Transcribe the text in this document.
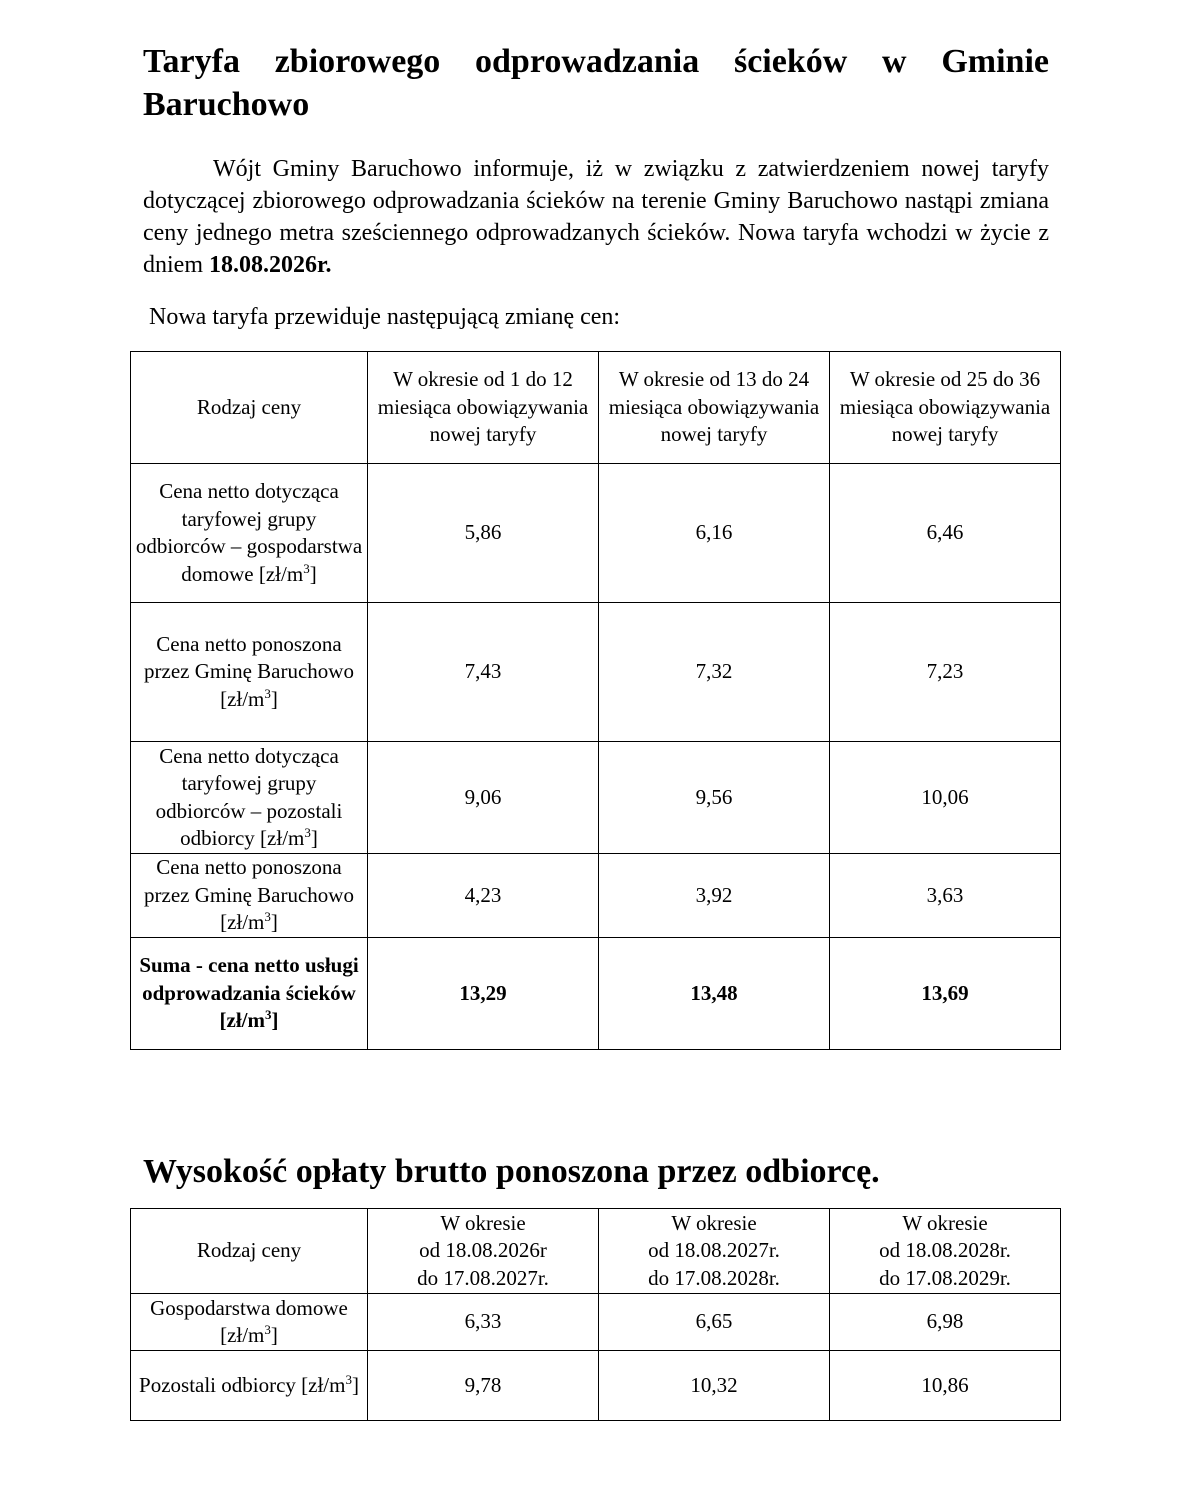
Taryfa zbiorowego odprowadzania ścieków w Gminie Baruchowo

Wójt Gminy Baruchowo informuje, iż w związku z zatwierdzeniem nowej taryfy dotyczącej zbiorowego odprowadzania ścieków na terenie Gminy Baruchowo nastąpi zmiana ceny jednego metra sześciennego odprowadzanych ścieków. Nowa taryfa wchodzi w życie z dniem 18.08.2026r.

Nowa taryfa przewiduje następującą zmianę cen:

Rodzaj ceny	W okresie od 1 do 12 miesiąca obowiązywania nowej taryfy	W okresie od 13 do 24 miesiąca obowiązywania nowej taryfy	W okresie od 25 do 36 miesiąca obowiązywania nowej taryfy
Cena netto dotycząca taryfowej grupy odbiorców – gospodarstwa domowe $[zł/m^3]$	5,86	6,16	6,46
Cena netto ponoszona przez Gminę Baruchowo $[zł/m^3]$	7,43	7,32	7,23
Cena netto dotycząca taryfowej grupy odbiorców – pozostali odbiorcy $[zł/m^3]$	9,06	9,56	10,06
Cena netto ponoszona przez Gminę Baruchowo $[zł/m^3]$	4,23	3,92	3,63
Suma - cena netto usługi odprowadzania ścieków $[zł/m^3]$	13,29	13,48	13,69
Wysokość opłaty brutto ponoszona przez odbiorcę.
Rodzaj ceny	W okresie
od 18.08.2026r
do 17.08.2027r.	W okresie
od 18.08.2027r.
do 17.08.2028r.	W okresie
od 18.08.2028r.
do 17.08.2029r.
Gospodarstwa domowe $[zł/m^3]$	6,33	6,65	6,98
Pozostali odbiorcy $[zł/m^3]$	9,78	10,32	10,86
